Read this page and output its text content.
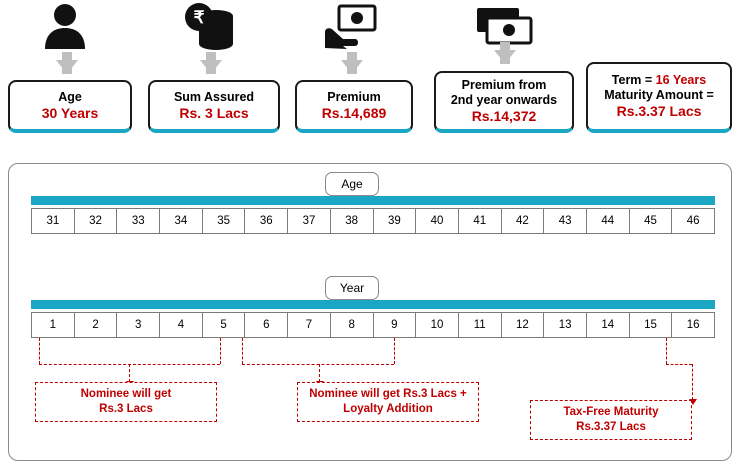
₹
Age
30 Years
Sum Assured
Rs. 3 Lacs
Premium
Rs.14,689
Premium from
2nd year onwards
Rs.14,372
Term = 16 Years
Maturity Amount =
Rs.3.37 Lacs
Age
31	32	33	34	35	36	37	38	39	40	41	42	43	44	45	46
Year
1	2	3	4	5	6	7	8	9	10	11	12	13	14	15	16
Nominee will get
Rs.3 Lacs
Nominee will get Rs.3 Lacs +
Loyalty Addition	Tax-Free Maturity
Rs.3.37 Lacs
